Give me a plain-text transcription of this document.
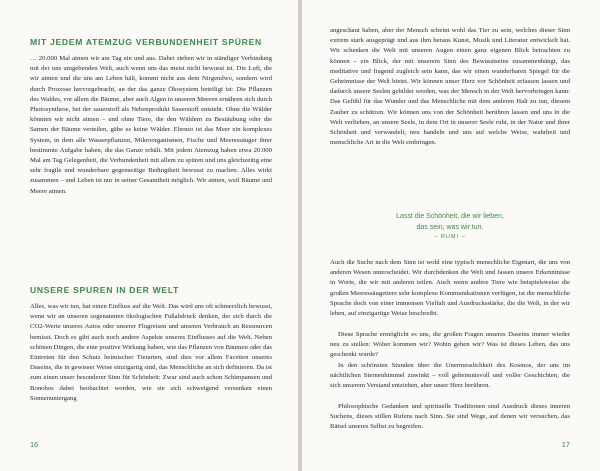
MIT JEDEM ATEMZUG VERBUNDENHEIT SPÜREN

… 20.000 Mal atmen wir am Tag ein und aus. Dabei stehen wir in ständiger Verbindung mit der uns umgebenden Welt, auch wenn uns das meist nicht bewusst ist. Die Luft, die wir atmen und die uns am Leben hält, kommt nicht aus dem Nirgendwo, sondern wird durch Prozesse hervorgebracht, an der das ganze Ökosystem beteiligt ist: Die Pflanzen des Waldes, vor allem die Bäume, aber auch Algen in unseren Meeren ernähren sich durch Photosynthese, bei der sauerstoff als Nebenprodukt Sauerstoff entsteht. Ohne die Wälder könnten wir nicht atmen – und ohne Tiere, die den Wäldern zu Bestäubung oder die Samen der Bäume verteilen, gäbe es keine Wälder. Ebenso ist das Meer ein komplexes System, in dem alle Wasserpflanzen, Mikroorganismen, Fische und Meeressäuger ihrer bestimmte Aufgabe haben, die das Ganze erhält. Mit jedem Atemzug haben etwa 20.000 Mal am Tag Gelegenheit, die Verbundenheit mit allem zu spüren und uns gleichzeitig eine sehr fragile und wunderbare gegenseitige Bedingtheit bewusst zu machen. Alles wirkt zusammen – und Leben ist nur in seiner Gesamtheit möglich. Wir atmen, weil Bäume und Meere atmen.

UNSERE SPUREN IN DER WELT

Alles, was wir tun, hat einen Einfluss auf die Welt. Das wird uns oft schmerzlich bewusst, wenn wir an unseren sogenannten ökologischen Fußabdruck denken, der sich durch die CO2-Werte unseres Autos oder unserer Flugreisen und unseren Verbrauch an Ressourcen bemisst. Doch es gibt auch noch andere Aspekte unseres Einflusses auf die Welt. Neben schönen Dingen, die eine positive Wirkung haben, wie das Pflanzen von Bäumen oder das Eintreten für den Schutz heimischer Tierarten, sind dies vor allem Facetten unseres Daseins, die in gewisser Weise einzigartig sind, das Menschliche an sich definieren. Da ist zum einen unser besonderer Sinn für Schönheit: Zwar sind auch schon Schimpansen und Bonobos dabei beobachtet worden, wie sie sich schweigend versunken einen Sonnenuntergang

16

angeschaut haben, aber der Mensch scheint wohl das Tier zu sein, welches dieser Sinn extrem stark ausgeprägt und aus ihm heraus Kunst, Musik und Literatur entwickelt hat. Wir schenken die Welt mit unseren Augen einen ganz eigenen Blick betrachten zu können – ein Blick, der mit unserem Sinn des Bewusstseins zusammenhängt, das meditative und fragend zugleich sein kann, das wir einen wunderbaren Spiegel für die Geheimnisse der Welt bietet. Wir können unser Herz vor Schönheit erfassen lassen und dadurch unsere Seelen gebildet werden, was der Mensch in der Welt hervorbringen kann: Das Gefühl für das Wunder und das Menschliche mit dem anderen Halt zu tun, diesem Zauber zu schützen. Wir können uns von der Schönheit berühren lassen und uns in die Welt verlieben, an unsere Seele, in dem Ort in unserer Seele ruht, in der Natur und ihrer Schönheit und verwandelt, neu handeln und uns auf welche Weise, wahrheit und menschliche Art in die Welt einbringen.

Lasst die Schönheit, die wir lieben,
das sein, was wir tun.
– RUMI –

Auch die Suche nach dem Sinn ist wohl eine typisch menschliche Eigenart, die uns von anderen Wesen unterscheidet. Wir durchdenken die Welt und fassen unsere Erkenntnisse in Worte, die wir mit anderen teilen. Auch wenn andere Tiere wie beispielsweise die großen Meeressäugetiere sehr komplexe Kommunikationen verfügen, ist die menschliche Sprache doch von einer immensen Vielfalt und Ausdrucksstärke, die die Welt, in der wir leben, auf einzigartige Weise beschreibt.

Diese Sprache ermöglicht es uns, die großen Fragen unseres Daseins immer wieder neu zu stellen: Woher kommen wir? Wohin gehen wir? Was ist dieses Leben, das uns geschenkt wurde?

In den schönsten Stunden über die Unermesslichkeit des Kosmos, der uns im nächtlichen Sternenhimmel zuwinkt – voll geheimnisvoll und voller Geschichten, die sich unserem Verstand entziehen, aber unser Herz berühren.

Philosophische Gedanken und spirituelle Traditionen sind Ausdruck dieses inneren Suchens, dieses stillen Rufens nach Sinn. Sie sind Wege, auf denen wir versuchen, das Rätsel unseres Selbst zu begreifen.

17
